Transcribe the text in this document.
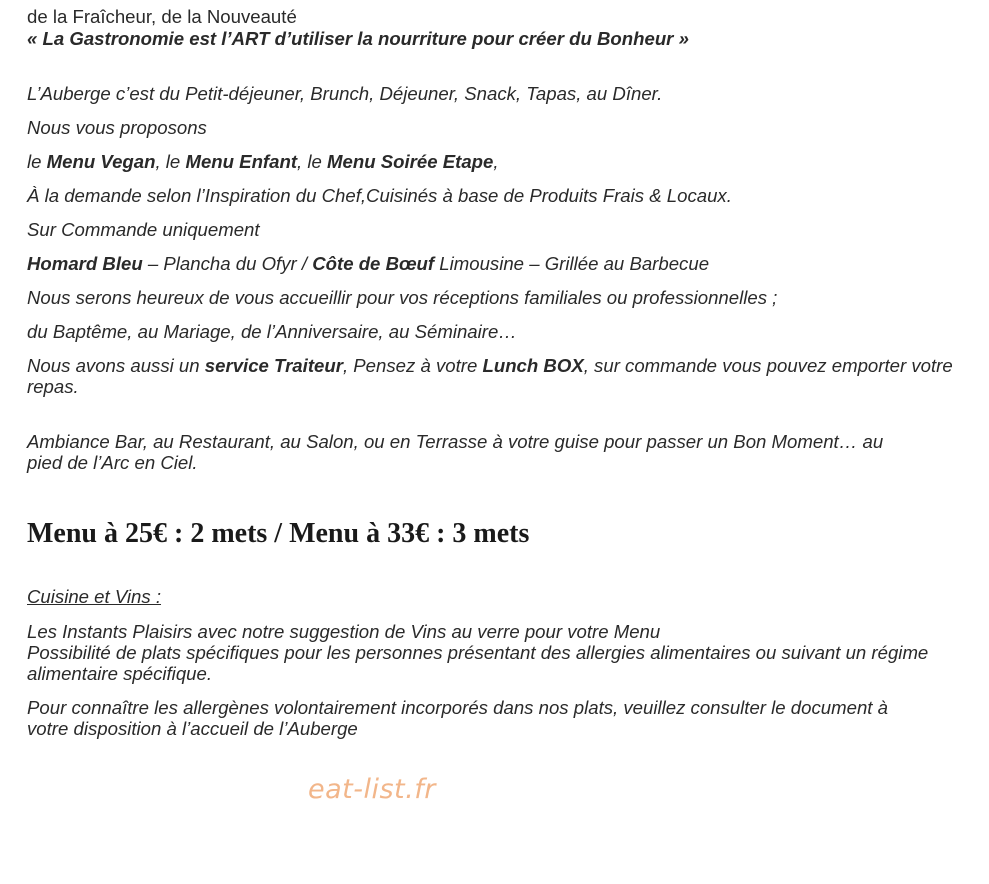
de la Fraîcheur, de la Nouveauté

« La Gastronomie est l’ART d’utiliser la nourriture pour créer du Bonheur »

L’Auberge c’est du Petit-déjeuner, Brunch, Déjeuner, Snack, Tapas, au Dîner.

Nous vous proposons

le Menu Vegan, le Menu Enfant, le Menu Soirée Etape,

À la demande selon l’Inspiration du Chef,Cuisinés à base de Produits Frais & Locaux.

Sur Commande uniquement

Homard Bleu – Plancha du Ofyr / Côte de Bœuf Limousine – Grillée au Barbecue

Nous serons heureux de vous accueillir pour vos réceptions familiales ou professionnelles ;

du Baptême, au Mariage, de l’Anniversaire, au Séminaire…

Nous avons aussi un service Traiteur, Pensez à votre Lunch BOX, sur commande vous pouvez emporter votre repas.

Ambiance Bar, au Restaurant, au Salon, ou en Terrasse à votre guise pour passer un Bon Moment… au pied de l’Arc en Ciel.

Menu à 25€ : 2 mets / Menu à 33€ : 3 mets

Cuisine et Vins :

Les Instants Plaisirs avec notre suggestion de Vins au verre pour votre Menu

Possibilité de plats spécifiques pour les personnes présentant des allergies alimentaires ou suivant un régime alimentaire spécifique.

Pour connaître les allergènes volontairement incorporés dans nos plats, veuillez consulter le document à votre disposition à l’accueil de l’Auberge

eat-list.fr
